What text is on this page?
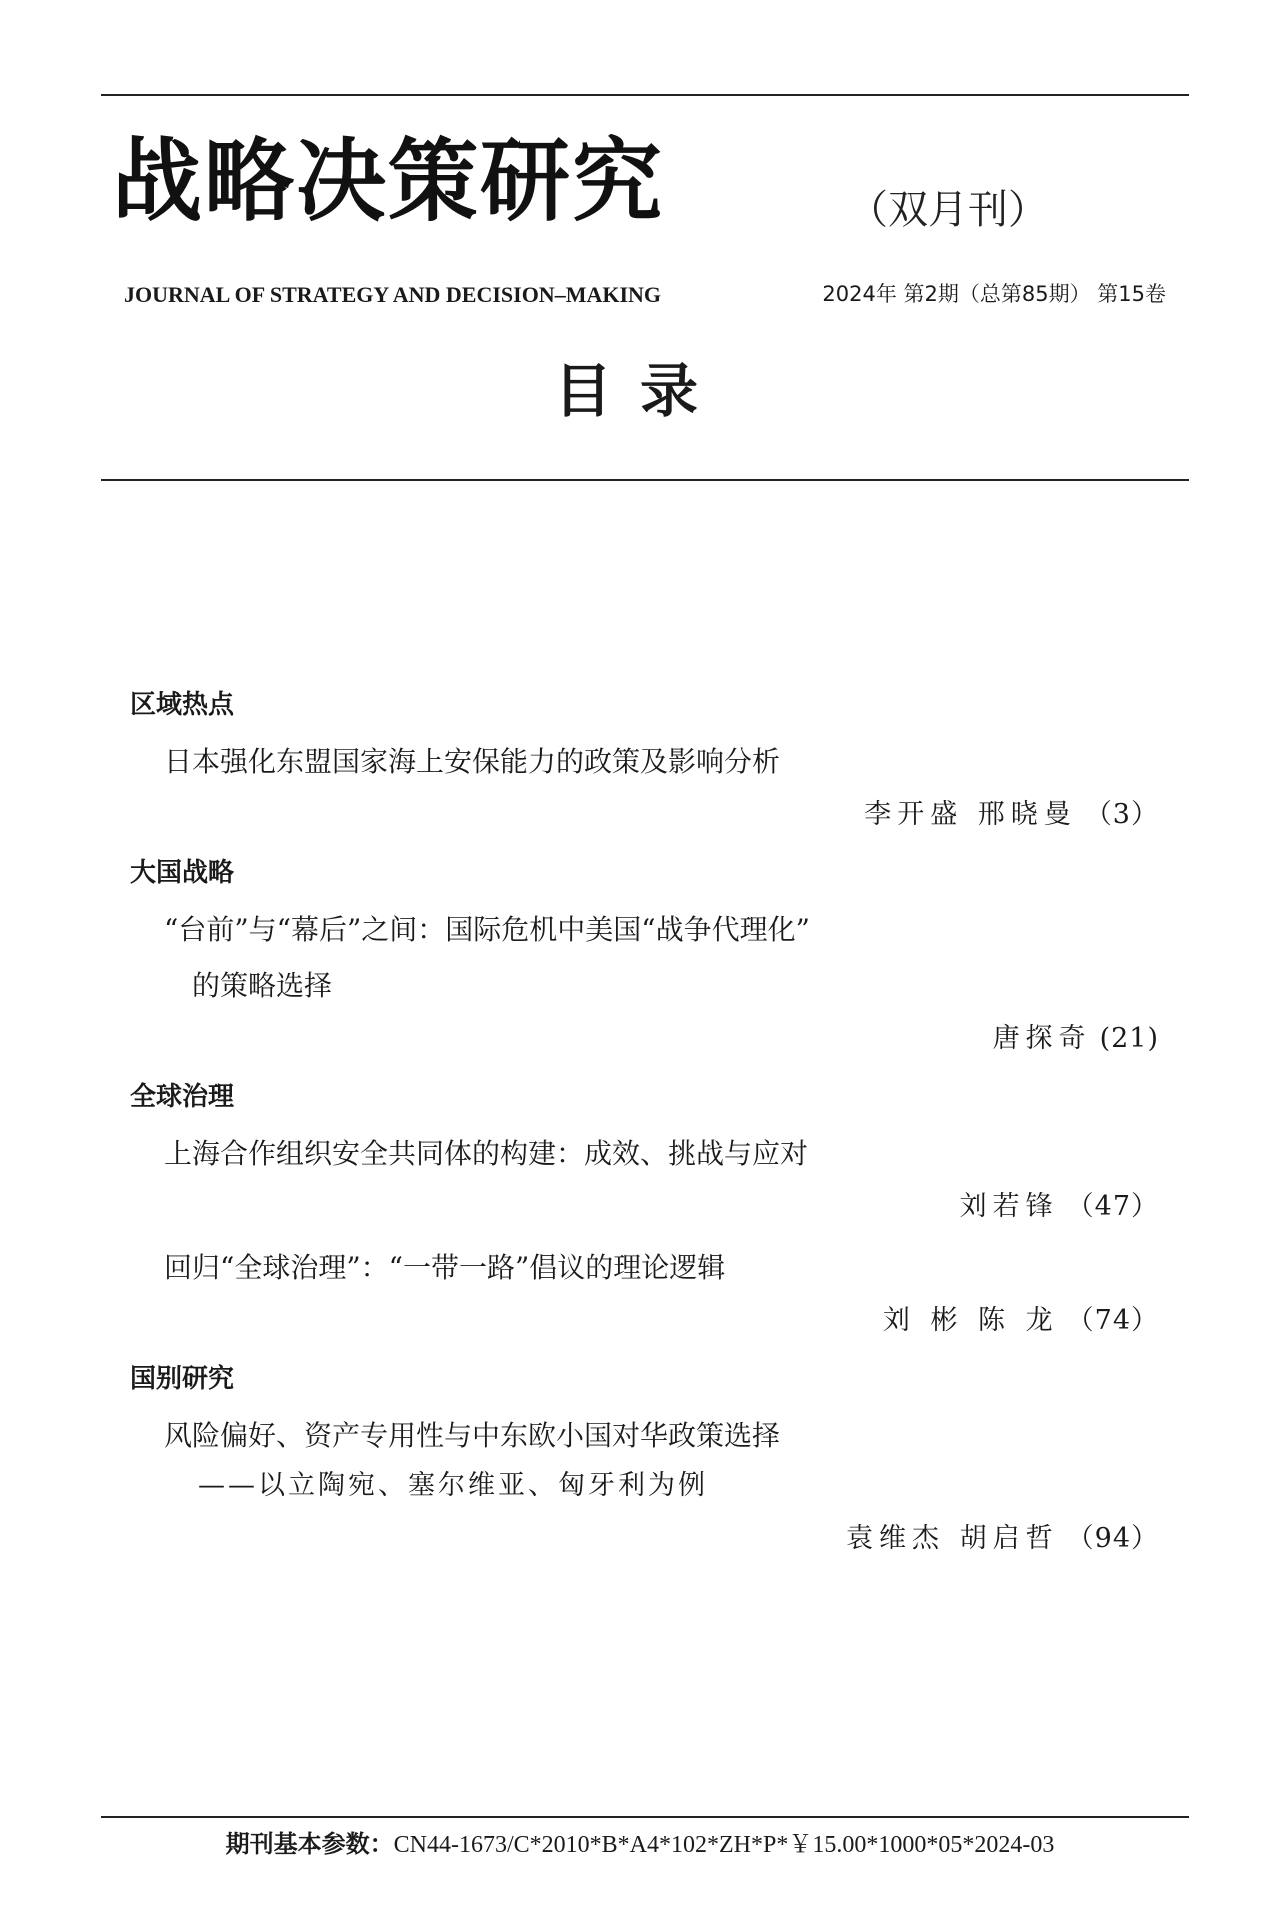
战略决策研究	（双月刊）
JOURNAL OF STRATEGY AND DECISION–MAKING	2024年 第2期（总第85期） 第15卷
目录
区域热点
日本强化东盟国家海上安保能力的政策及影响分析
李开盛 邢晓曼 （3）
大国战略
“台前”与“幕后”之间：国际危机中美国“战争代理化”
的策略选择
唐探奇 (21)
全球治理
上海合作组织安全共同体的构建：成效、挑战与应对
刘若锋 （47）
回归“全球治理”：“一带一路”倡议的理论逻辑
刘 彬 陈 龙 （74）
国别研究
风险偏好、资产专用性与中东欧小国对华政策选择
——以立陶宛、塞尔维亚、匈牙利为例
袁维杰 胡启哲 （94）
期刊基本参数：CN44-1673/C*2010*B*A4*102*ZH*P*￥15.00*1000*05*2024-03
